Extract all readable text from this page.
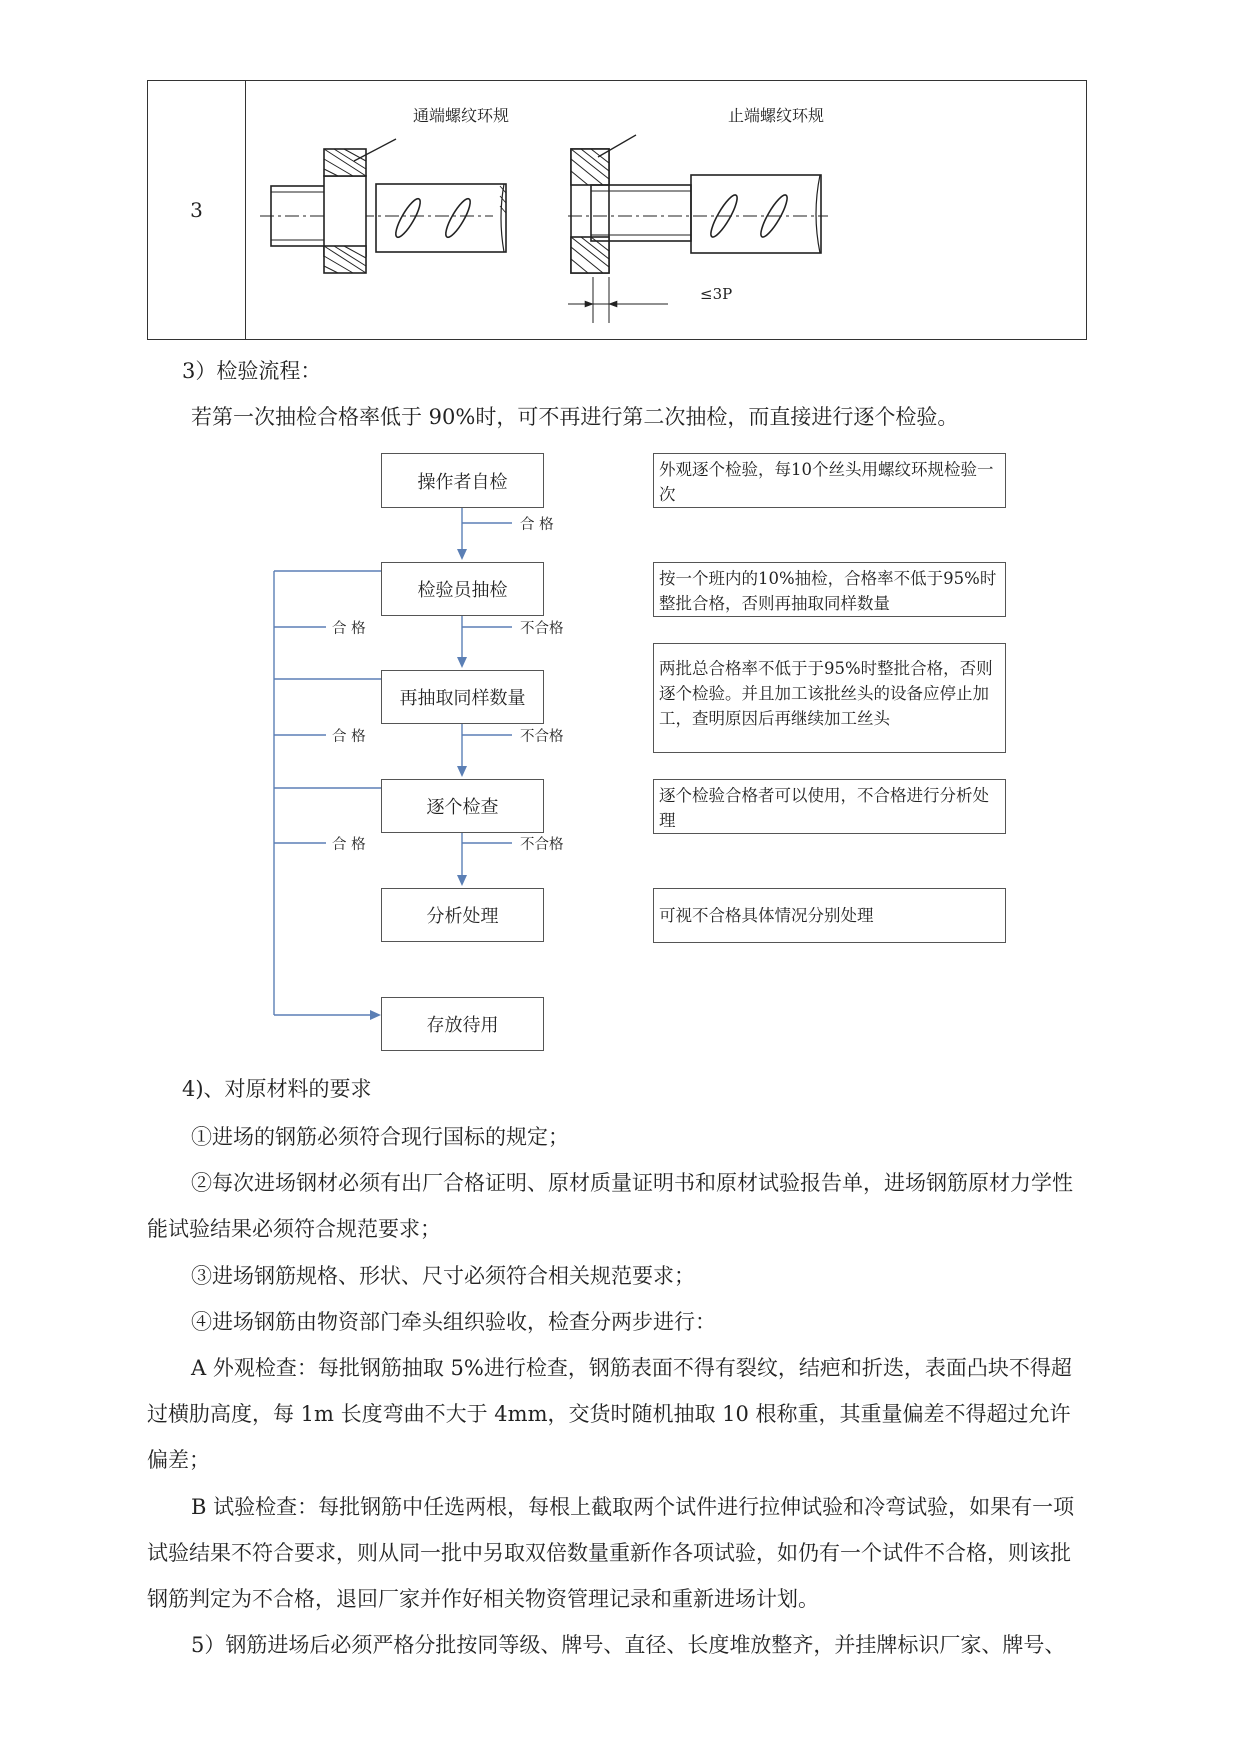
3
通端螺纹环规	止端螺纹环规
≤3P

3）检验流程：

若第一次抽检合格率低于 90%时，可不再进行第二次抽检，而直接进行逐个检验。

操作者自检
检验员抽检
再抽取同样数量
逐个检查
分析处理
存放待用
合 格
不合格
不合格
不合格
合 格
合 格
合 格
外观逐个检验，每10个丝头用螺纹环规检验一次
按一个班内的10%抽检，合格率不低于95%时整批合格，否则再抽取同样数量
两批总合格率不低于于95%时整批合格，否则逐个检验。并且加工该批丝头的设备应停止加工，查明原因后再继续加工丝头
逐个检验合格者可以使用，不合格进行分析处理
可视不合格具体情况分别处理

4)、对原材料的要求

①进场的钢筋必须符合现行国标的规定；

②每次进场钢材必须有出厂合格证明、原材质量证明书和原材试验报告单，进场钢筋原材力学性能试验结果必须符合规范要求；

③进场钢筋规格、形状、尺寸必须符合相关规范要求；

④进场钢筋由物资部门牵头组织验收，检查分两步进行：

A 外观检查：每批钢筋抽取 5%进行检查，钢筋表面不得有裂纹，结疤和折迭，表面凸块不得超过横肋高度，每 1m 长度弯曲不大于 4mm，交货时随机抽取 10 根称重，其重量偏差不得超过允许偏差；

B 试验检查：每批钢筋中任选两根，每根上截取两个试件进行拉伸试验和冷弯试验，如果有一项试验结果不符合要求，则从同一批中另取双倍数量重新作各项试验，如仍有一个试件不合格，则该批钢筋判定为不合格，退回厂家并作好相关物资管理记录和重新进场计划。

5）钢筋进场后必须严格分批按同等级、牌号、直径、长度堆放整齐，并挂牌标识厂家、牌号、
